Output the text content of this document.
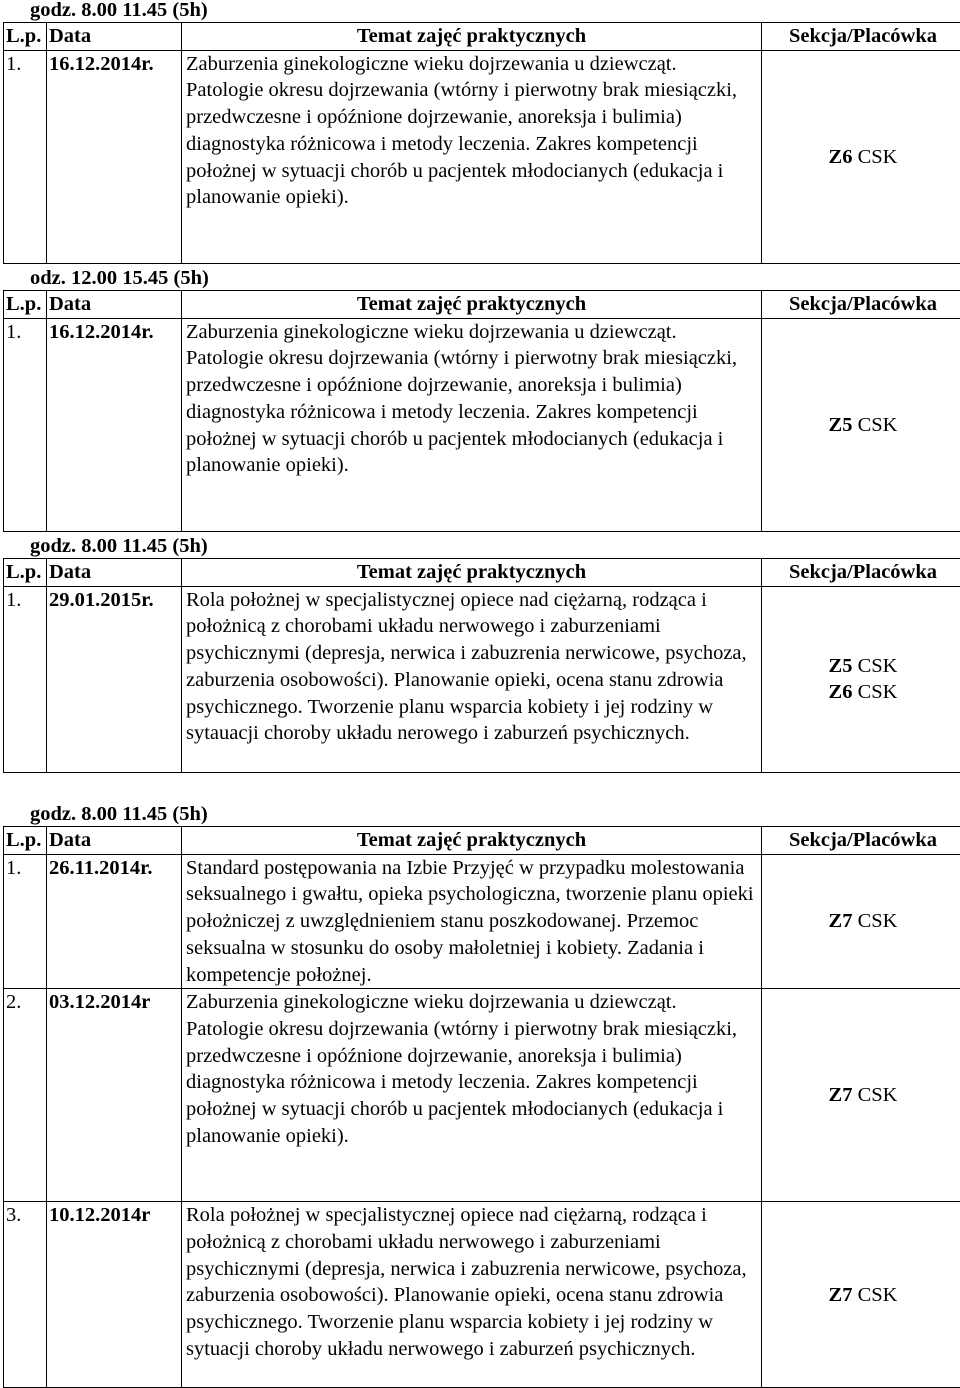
godz. 8.00 11.45 (5h)
L.p.	Data	Temat zajęć praktycznych	Sekcja/Placówka
1.	16.12.2014r.	Zaburzenia ginekologiczne wieku dojrzewania u dziewcząt. Patologie okresu dojrzewania (wtórny i pierwotny brak miesiączki, przedwczesne i opóźnione dojrzewanie, anoreksja i bulimia) diagnostyka różnicowa i metody leczenia. Zakres kompetencji położnej w sytuacji chorób u pacjentek młodocianych (edukacja i planowanie opieki).	Z6 CSK
odz. 12.00 15.45 (5h)
L.p.	Data	Temat zajęć praktycznych	Sekcja/Placówka
1.	16.12.2014r.	Zaburzenia ginekologiczne wieku dojrzewania u dziewcząt. Patologie okresu dojrzewania (wtórny i pierwotny brak miesiączki, przedwczesne i opóźnione dojrzewanie, anoreksja i bulimia) diagnostyka różnicowa i metody leczenia. Zakres kompetencji położnej w sytuacji chorób u pacjentek młodocianych (edukacja i planowanie opieki).	Z5 CSK
godz. 8.00 11.45 (5h)
L.p.	Data	Temat zajęć praktycznych	Sekcja/Placówka
1.	29.01.2015r.	Rola położnej w specjalistycznej opiece nad ciężarną, rodząca i położnicą z chorobami układu nerwowego i zaburzeniami psychicznymi (depresja, nerwica i zabuzrenia nerwicowe, psychoza, zaburzenia osobowości). Planowanie opieki, ocena stanu zdrowia psychicznego. Tworzenie planu wsparcia kobiety i jej rodziny w sytauacji choroby układu nerowego i zaburzeń psychicznych.	Z5 CSK
Z6 CSK
godz. 8.00 11.45 (5h)
L.p.	Data	Temat zajęć praktycznych	Sekcja/Placówka
1.	26.11.2014r.	Standard postępowania na Izbie Przyjęć w przypadku molestowania seksualnego i gwałtu, opieka psychologiczna, tworzenie planu opieki położniczej z uwzględnieniem stanu poszkodowanej. Przemoc seksualna w stosunku do osoby małoletniej i kobiety. Zadania i kompetencje położnej.	Z7 CSK

2.	03.12.2014r	Zaburzenia ginekologiczne wieku dojrzewania u dziewcząt. Patologie okresu dojrzewania (wtórny i pierwotny brak miesiączki, przedwczesne i opóźnione dojrzewanie, anoreksja i bulimia) diagnostyka różnicowa i metody leczenia. Zakres kompetencji położnej w sytuacji chorób u pacjentek młodocianych (edukacja i planowanie opieki).	Z7 CSK

3.	10.12.2014r	Rola położnej w specjalistycznej opiece nad ciężarną, rodząca i położnicą z chorobami układu nerwowego i zaburzeniami psychicznymi (depresja, nerwica i zabuzrenia nerwicowe, psychoza, zaburzenia osobowości). Planowanie opieki, ocena stanu zdrowia psychicznego. Tworzenie planu wsparcia kobiety i jej rodziny w sytuacji choroby układu nerwowego i zaburzeń psychicznych.	Z7 CSK
